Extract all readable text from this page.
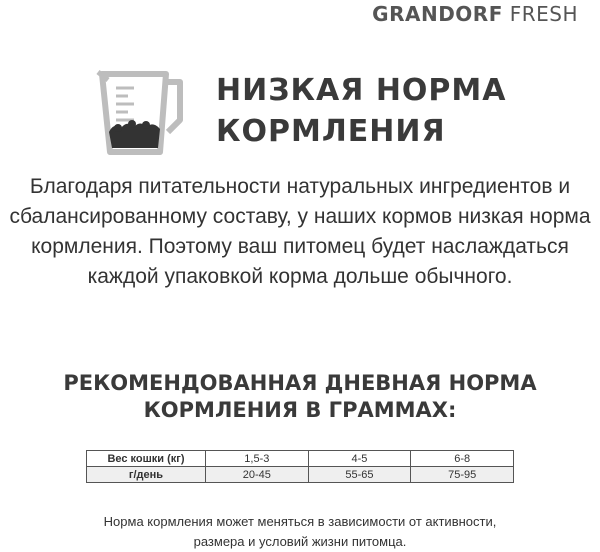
GRANDORF FRESH
НИЗКАЯ НОРМА
КОРМЛЕНИЯ
Благодаря питательности натуральных ингредиентов и
сбалансированному составу, у наших кормов низкая норма
кормления. Поэтому ваш питомец будет наслаждаться
каждой упаковкой корма дольше обычного.
РЕКОМЕНДОВАННАЯ ДНЕВНАЯ НОРМА
КОРМЛЕНИЯ В ГРАММАХ:
Вес кошки (кг)	1,5-3	4-5	6-8
г/день	20-45	55-65	75-95
Норма кормления может меняться в зависимости от активности,
размера и условий жизни питомца.
